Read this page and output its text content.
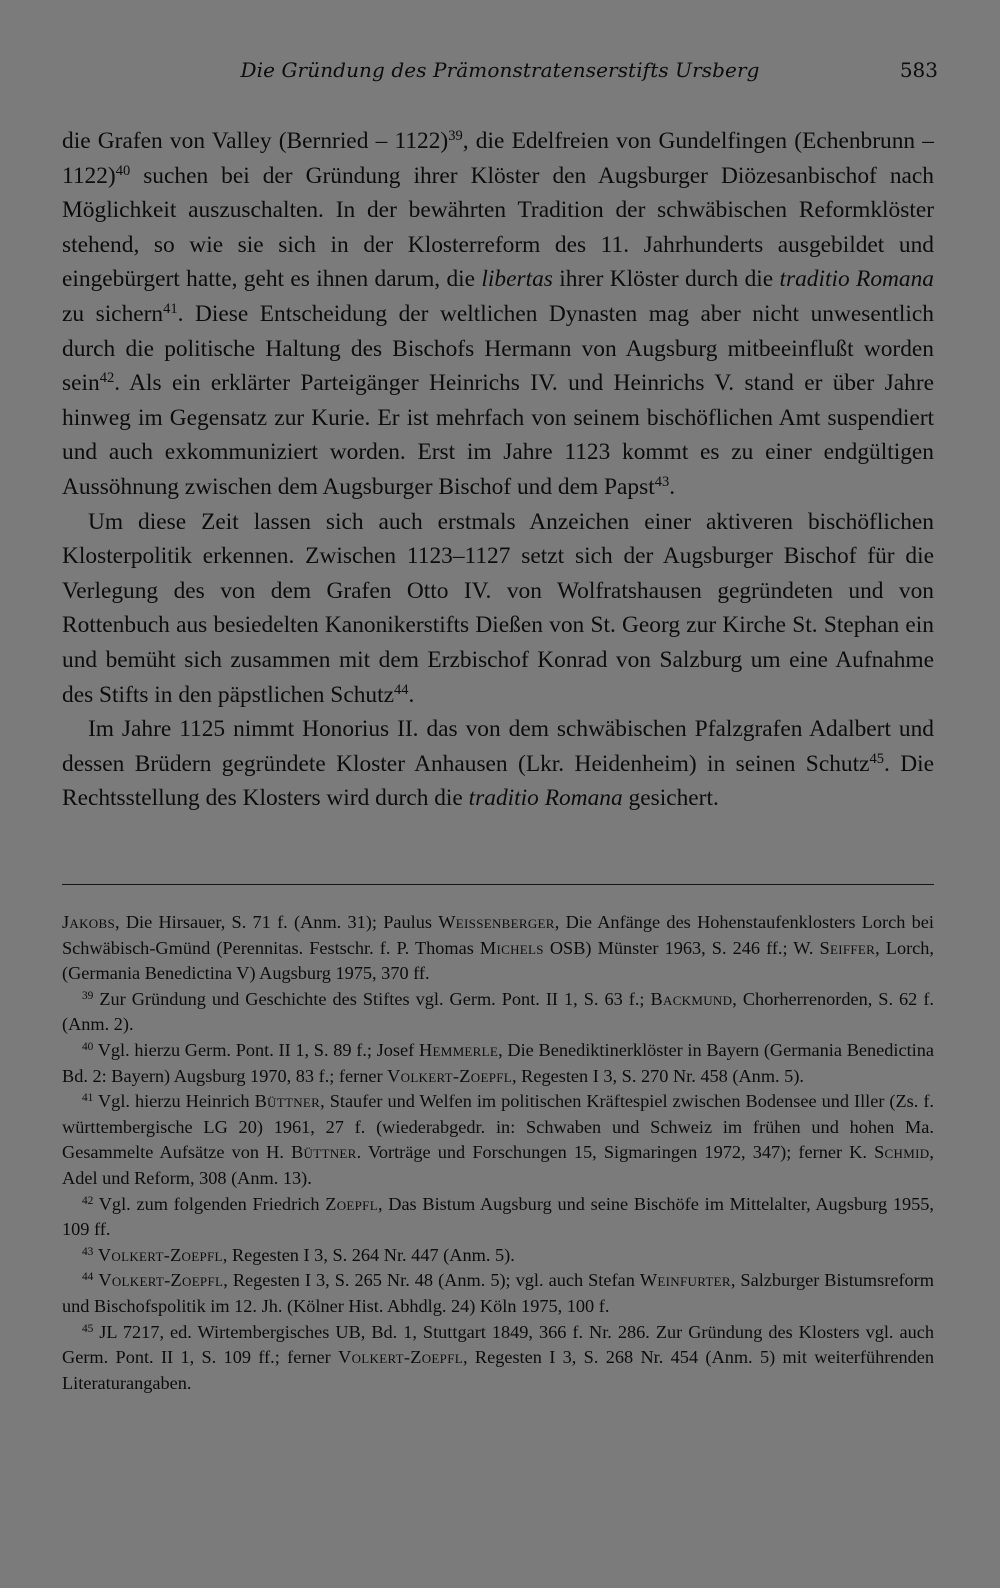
Die Gründung des Prämonstratenserstifts Ursberg	583

die Grafen von Valley (Bernried – 1122)$^{39}$, die Edelfreien von Gundelfingen (Echenbrunn – 1122)$^{40}$ suchen bei der Gründung ihrer Klöster den Augsburger Diözesanbischof nach Möglichkeit auszuschalten. In der bewährten Tradition der schwäbischen Reformklöster stehend, so wie sie sich in der Klosterreform des 11. Jahrhunderts ausgebildet und eingebürgert hatte, geht es ihnen darum, die libertas ihrer Klöster durch die traditio Romana zu sichern$^{41}$. Diese Entscheidung der weltlichen Dynasten mag aber nicht unwesentlich durch die politische Haltung des Bischofs Hermann von Augsburg mitbeeinflußt worden sein$^{42}$. Als ein erklärter Parteigänger Heinrichs IV. und Heinrichs V. stand er über Jahre hinweg im Gegensatz zur Kurie. Er ist mehrfach von seinem bischöflichen Amt suspendiert und auch exkommuniziert worden. Erst im Jahre 1123 kommt es zu einer endgültigen Aussöhnung zwischen dem Augsburger Bischof und dem Papst$^{43}$.

Um diese Zeit lassen sich auch erstmals Anzeichen einer aktiveren bischöflichen Klosterpolitik erkennen. Zwischen 1123–1127 setzt sich der Augsburger Bischof für die Verlegung des von dem Grafen Otto IV. von Wolfratshausen gegründeten und von Rottenbuch aus besiedelten Kanonikerstifts Dießen von St. Georg zur Kirche St. Stephan ein und bemüht sich zusammen mit dem Erzbischof Konrad von Salzburg um eine Aufnahme des Stifts in den päpstlichen Schutz$^{44}$.

Im Jahre 1125 nimmt Honorius II. das von dem schwäbischen Pfalzgrafen Adalbert und dessen Brüdern gegründete Kloster Anhausen (Lkr. Heidenheim) in seinen Schutz$^{45}$. Die Rechtsstellung des Klosters wird durch die traditio Romana gesichert.

Jakobs, Die Hirsauer, S. 71 f. (Anm. 31); Paulus Weissenberger, Die Anfänge des Hohenstaufenklosters Lorch bei Schwäbisch-Gmünd (Perennitas. Festschr. f. P. Thomas Michels OSB) Münster 1963, S. 246 ff.; W. Seiffer, Lorch, (Germania Benedictina V) Augsburg 1975, 370 ff.

$^{39}$ Zur Gründung und Geschichte des Stiftes vgl. Germ. Pont. II 1, S. 63 f.; Backmund, Chorherrenorden, S. 62 f. (Anm. 2).

$^{40}$ Vgl. hierzu Germ. Pont. II 1, S. 89 f.; Josef Hemmerle, Die Benediktinerklöster in Bayern (Germania Benedictina Bd. 2: Bayern) Augsburg 1970, 83 f.; ferner Volkert-Zoepfl, Regesten I 3, S. 270 Nr. 458 (Anm. 5).

$^{41}$ Vgl. hierzu Heinrich Büttner, Staufer und Welfen im politischen Kräftespiel zwischen Bodensee und Iller (Zs. f. württembergische LG 20) 1961, 27 f. (wiederabgedr. in: Schwaben und Schweiz im frühen und hohen Ma. Gesammelte Aufsätze von H. Büttner. Vorträge und Forschungen 15, Sigmaringen 1972, 347); ferner K. Schmid, Adel und Reform, 308 (Anm. 13).

$^{42}$ Vgl. zum folgenden Friedrich Zoepfl, Das Bistum Augsburg und seine Bischöfe im Mittelalter, Augsburg 1955, 109 ff.

$^{43}$ Volkert-Zoepfl, Regesten I 3, S. 264 Nr. 447 (Anm. 5).

$^{44}$ Volkert-Zoepfl, Regesten I 3, S. 265 Nr. 48 (Anm. 5); vgl. auch Stefan Weinfurter, Salzburger Bistumsreform und Bischofspolitik im 12. Jh. (Kölner Hist. Abhdlg. 24) Köln 1975, 100 f.

$^{45}$ JL 7217, ed. Wirtembergisches UB, Bd. 1, Stuttgart 1849, 366 f. Nr. 286. Zur Gründung des Klosters vgl. auch Germ. Pont. II 1, S. 109 ff.; ferner Volkert-Zoepfl, Regesten I 3, S. 268 Nr. 454 (Anm. 5) mit weiterführenden Literaturangaben.
